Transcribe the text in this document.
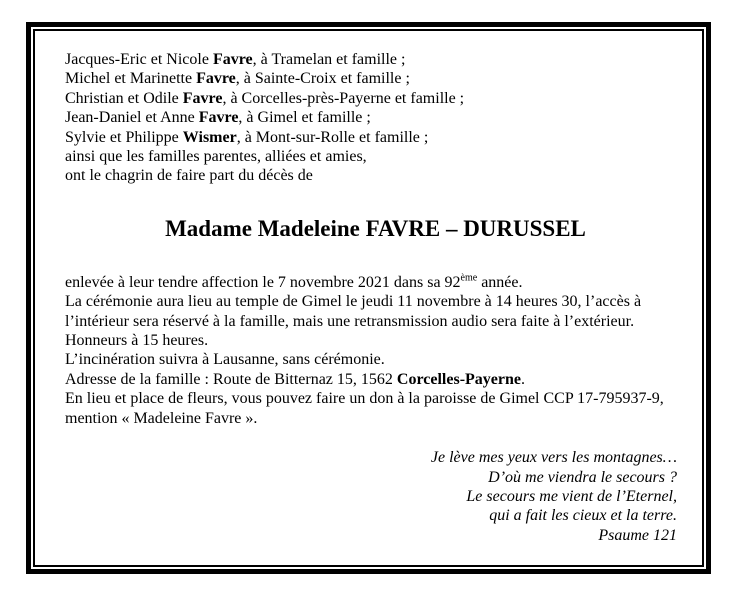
Jacques-Eric et Nicole Favre, à Tramelan et famille ;
Michel et Marinette Favre, à Sainte-Croix et famille ;
Christian et Odile Favre, à Corcelles-près-Payerne et famille ;
Jean-Daniel et Anne Favre, à Gimel et famille ;
Sylvie et Philippe Wismer, à Mont-sur-Rolle et famille ;
ainsi que les familles parentes, alliées et amies,
ont le chagrin de faire part du décès de
Madame Madeleine FAVRE – DURUSSEL
enlevée à leur tendre affection le 7 novembre 2021 dans sa 92ème année.
La cérémonie aura lieu au temple de Gimel le jeudi 11 novembre à 14 heures 30, l’accès à
l’intérieur sera réservé à la famille, mais une retransmission audio sera faite à l’extérieur.
Honneurs à 15 heures.
L’incinération suivra à Lausanne, sans cérémonie.
Adresse de la famille : Route de Bitternaz 15, 1562 Corcelles-Payerne.
En lieu et place de fleurs, vous pouvez faire un don à la paroisse de Gimel CCP 17-795937-9,
mention « Madeleine Favre ».
Je lève mes yeux vers les montagnes…
D’où me viendra le secours ?
Le secours me vient de l’Eternel,
qui a fait les cieux et la terre.
Psaume 121
